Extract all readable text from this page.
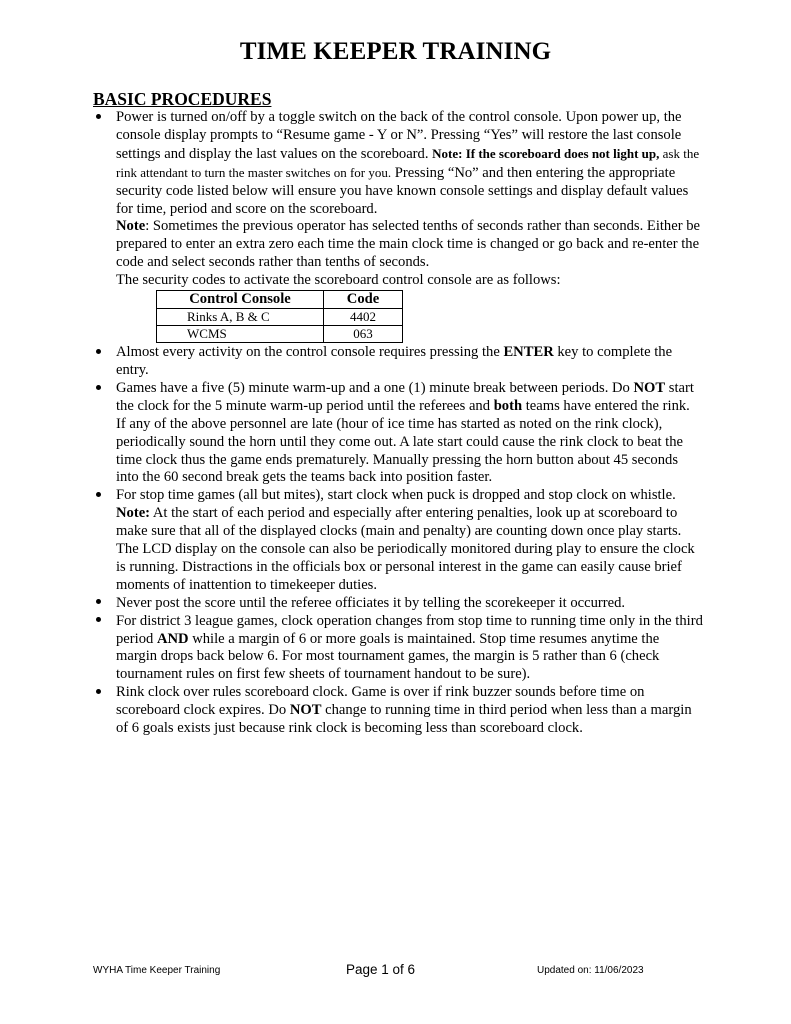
TIME KEEPER TRAINING
BASIC PROCEDURES
Power is turned on/off by a toggle switch on the back of the control console. Upon power up, the console display prompts to “Resume game - Y or N”. Pressing “Yes” will restore the last console settings and display the last values on the scoreboard. Note: If the scoreboard does not light up, ask the rink attendant to turn the master switches on for you. Pressing “No” and then entering the appropriate security code listed below will ensure you have known console settings and display default values for time, period and score on the scoreboard.
Note: Sometimes the previous operator has selected tenths of seconds rather than seconds. Either be prepared to enter an extra zero each time the main clock time is changed or go back and re-enter the code and select seconds rather than tenths of seconds.
The security codes to activate the scoreboard control console are as follows:
Control Console	Code
Rinks A, B & C	4402
WCMS	063
Almost every activity on the control console requires pressing the ENTER key to complete the entry.
Games have a five (5) minute warm-up and a one (1) minute break between periods. Do NOT start the clock for the 5 minute warm-up period until the referees and both teams have entered the rink. If any of the above personnel are late (hour of ice time has started as noted on the rink clock), periodically sound the horn until they come out. A late start could cause the rink clock to beat the time clock thus the game ends prematurely. Manually pressing the horn button about 45 seconds into the 60 second break gets the teams back into position faster.
For stop time games (all but mites), start clock when puck is dropped and stop clock on whistle. Note: At the start of each period and especially after entering penalties, look up at scoreboard to make sure that all of the displayed clocks (main and penalty) are counting down once play starts. The LCD display on the console can also be periodically monitored during play to ensure the clock is running. Distractions in the officials box or personal interest in the game can easily cause brief moments of inattention to timekeeper duties.
Never post the score until the referee officiates it by telling the scorekeeper it occurred.
For district 3 league games, clock operation changes from stop time to running time only in the third period AND while a margin of 6 or more goals is maintained. Stop time resumes anytime the margin drops back below 6. For most tournament games, the margin is 5 rather than 6 (check tournament rules on first few sheets of tournament handout to be sure).
Rink clock over rules scoreboard clock. Game is over if rink buzzer sounds before time on scoreboard clock expires. Do NOT change to running time in third period when less than a margin of 6 goals exists just because rink clock is becoming less than scoreboard clock.
WYHA Time Keeper Training	Page 1 of 6	Updated on: 11/06/2023
